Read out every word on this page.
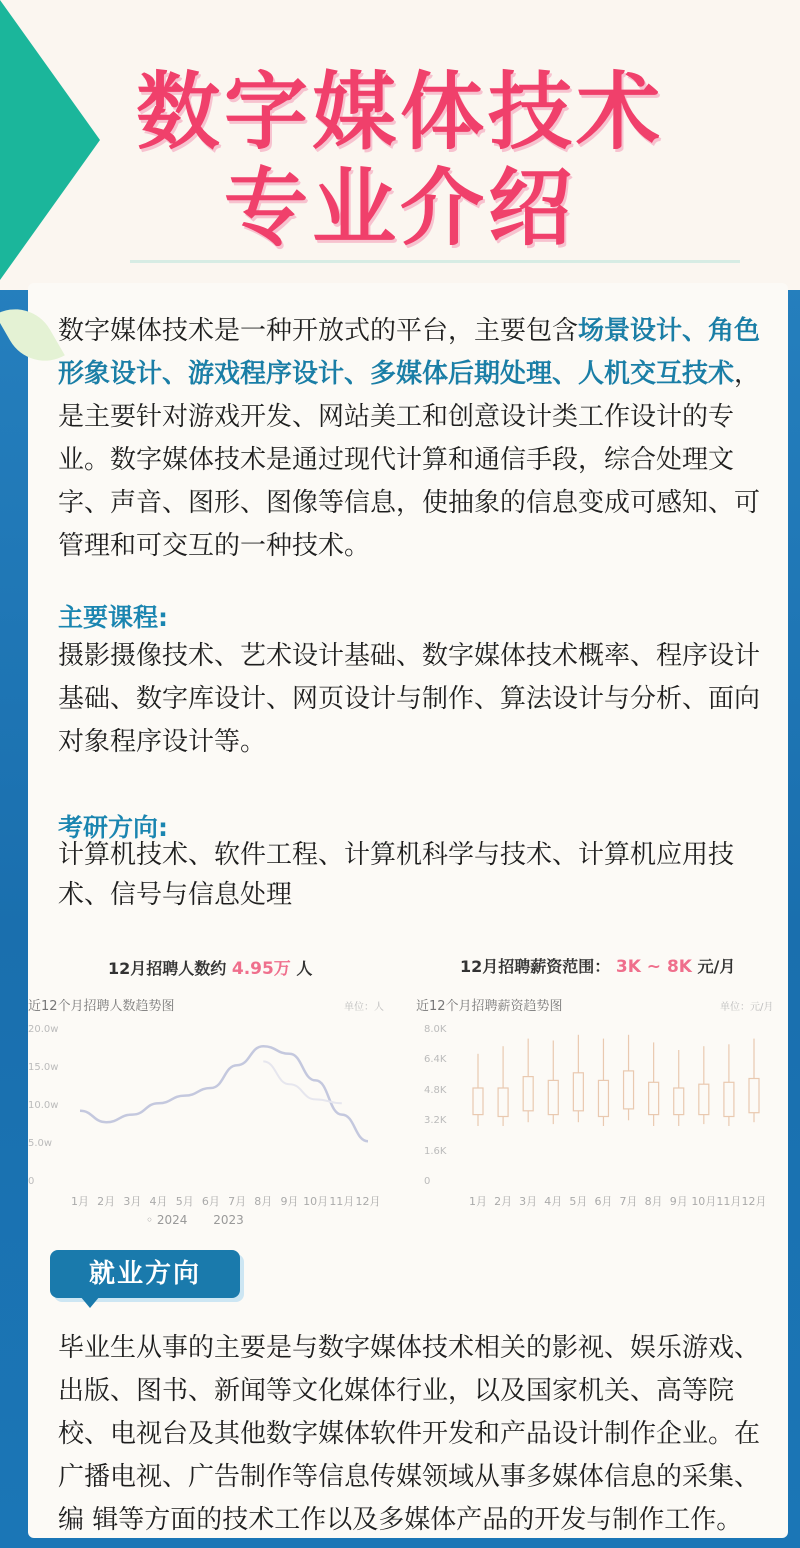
数字媒体技术
专业介绍

数字媒体技术是一种开放式的平台，主要包含场景设计、角色形象设计、游戏程序设计、多媒体后期处理、人机交互技术，是主要针对游戏开发、网站美工和创意设计类工作设计的专业。数字媒体技术是通过现代计算和通信手段，综合处理文字、声音、图形、图像等信息，使抽象的信息变成可感知、可管理和可交互的一种技术。

主要课程:

摄影摄像技术、艺术设计基础、数字媒体技术概率、程序设计基础、数字库设计、网页设计与制作、算法设计与分析、面向对象程序设计等。

考研方向:

计算机技术、软件工程、计算机科学与技术、计算机应用技术、信号与信息处理

12月招聘人数约 4.95万 人	12月招聘薪资范围： 3K ~ 8K 元/月
近12个月招聘人数趋势图	单位：人
20.0w
15.0w
10.0w
5.0w
0
1月 2月 3月 4月 5月 6月 7月 8月 9月 10月 11月 12月
◦ 2024 2023
近12个月招聘薪资趋势图	单位：元/月
8.0K
6.4K
4.8K
3.2K
1.6K
0
1月 2月 3月 4月 5月 6月 7月 8月 9月 10月 11月 12月
就业方向

毕业生从事的主要是与数字媒体技术相关的影视、娱乐游戏、出版、图书、新闻等文化媒体行业，以及国家机关、高等院校、电视台及其他数字媒体软件开发和产品设计制作企业。在广播电视、广告制作等信息传媒领域从事多媒体信息的采集、编 辑等方面的技术工作以及多媒体产品的开发与制作工作。
